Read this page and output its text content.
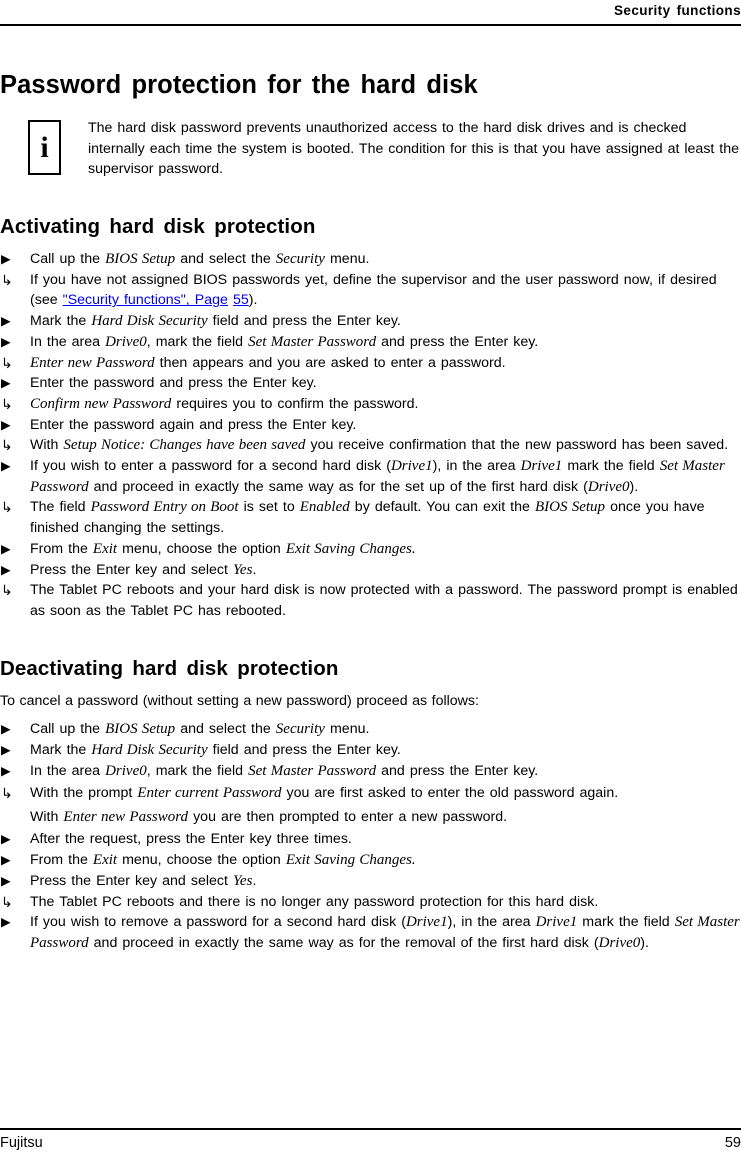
Security functions
Password protection for the hard disk
i
The hard disk password prevents unauthorized access to the hard disk drives and is checked internally each time the system is booted. The condition for this is that you have assigned at least the supervisor password.
Activating hard disk protection
▶	Call up the BIOS Setup and select the Security menu.
↳	If you have not assigned BIOS passwords yet, define the supervisor and the user password now, if desired (see "Security functions", Page 55).
▶	Mark the Hard Disk Security field and press the Enter key.
▶	In the area Drive0, mark the field Set Master Password and press the Enter key.
↳	Enter new Password then appears and you are asked to enter a password.
▶	Enter the password and press the Enter key.
↳	Confirm new Password requires you to confirm the password.
▶	Enter the password again and press the Enter key.
↳	With Setup Notice: Changes have been saved you receive confirmation that the new password has been saved.
▶	If you wish to enter a password for a second hard disk (Drive1), in the area Drive1 mark the field Set Master Password and proceed in exactly the same way as for the set up of the first hard disk (Drive0).
↳	The field Password Entry on Boot is set to Enabled by default. You can exit the BIOS Setup once you have finished changing the settings.
▶	From the Exit menu, choose the option Exit Saving Changes.
▶	Press the Enter key and select Yes.
↳	The Tablet PC reboots and your hard disk is now protected with a password. The password prompt is enabled as soon as the Tablet PC has rebooted.
Deactivating hard disk protection

To cancel a password (without setting a new password) proceed as follows:

▶	Call up the BIOS Setup and select the Security menu.
▶	Mark the Hard Disk Security field and press the Enter key.
▶	In the area Drive0, mark the field Set Master Password and press the Enter key.
↳	With the prompt Enter current Password you are first asked to enter the old password again.
With Enter new Password you are then prompted to enter a new password.
▶	After the request, press the Enter key three times.
▶	From the Exit menu, choose the option Exit Saving Changes.
▶	Press the Enter key and select Yes.
↳	The Tablet PC reboots and there is no longer any password protection for this hard disk.
▶	If you wish to remove a password for a second hard disk (Drive1), in the area Drive1 mark the field Set Master Password and proceed in exactly the same way as for the removal of the first hard disk (Drive0).
Fujitsu	59
